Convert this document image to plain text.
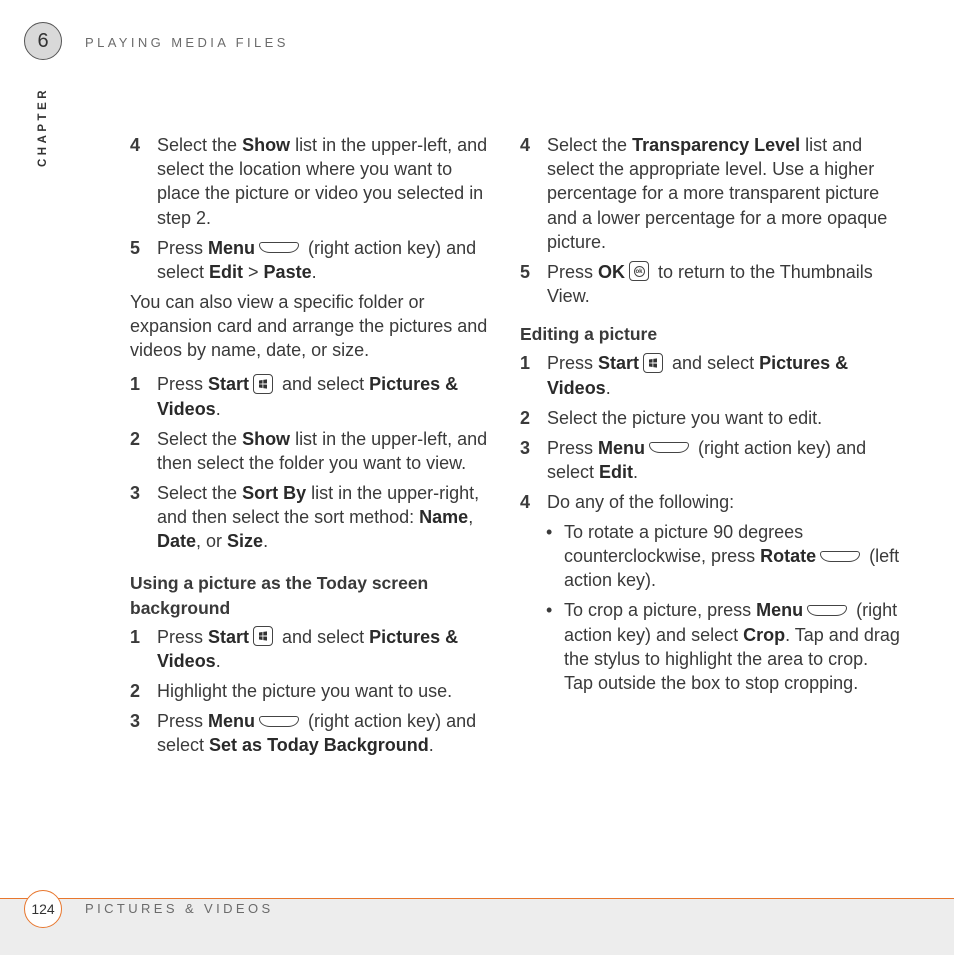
6	PLAYING MEDIA FILES
CHAPTER	4 Select the Show list in the upper-left, and select the location where you want to place the picture or video you selected in step 2.
5 Press Menu	(right action key) and select Edit > Paste.
You can also view a specific folder or expansion card and arrange the pictures and videos by name, date, or size.
1 Press Start
and select Pictures & Videos.
2 Select the Show list in the upper-left, and then select the folder you want to view.
3 Select the Sort By list in the upper-right, and then select the sort method: Name, Date, or Size.
Using a picture as the Today screen background
1 Press Start
and select Pictures & Videos.
2 Highlight the picture you want to use.
3 Press Menu	(right action key) and select Set as Today Background.
4 Select the Transparency Level list and select the appropriate level. Use a higher percentage for a more transparent picture and a lower percentage for a more opaque picture.
5 Press OK	ok to return to the Thumbnails View.
Editing a picture
1 Press Start
and select Pictures & Videos.
2 Select the picture you want to edit.
3 Press Menu	(right action key) and select Edit.
4 Do any of the following:
• To rotate a picture 90 degrees counterclockwise, press Rotate	(left action key).
• To crop a picture, press Menu	(right action key) and select Crop. Tap and drag the stylus to highlight the area to crop. Tap outside the box to stop cropping.
124	PICTURES & VIDEOS
